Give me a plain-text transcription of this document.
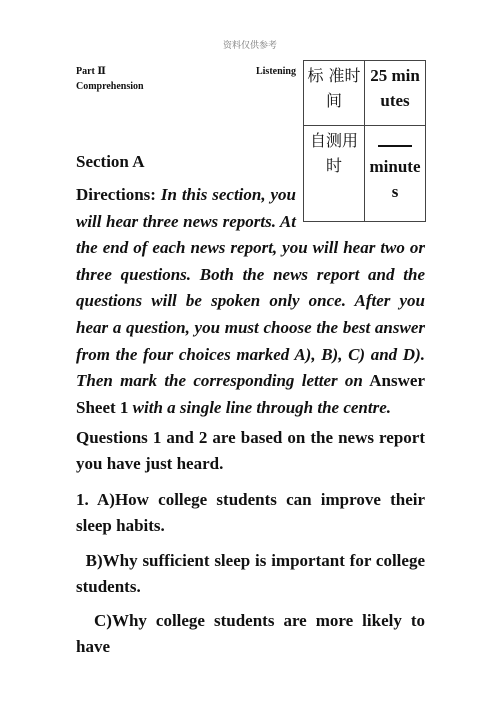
资料仅供参考
Part Ⅱ	Listening

Comprehension
标 准时间	25 minutes
自测用时	minutes
Section A
Directions: In this section, you
will hear three news reports. At
the end of each news report, you will hear two or three questions. Both the news report and the questions will be spoken only once. After you hear a question, you must choose the best answer from the four choices marked A), B), C) and D). Then mark the corresponding letter on Answer Sheet 1 with a single line through the centre.
Questions 1 and 2 are based on the news report you have just heard.
1. A)How college students can improve their sleep habits.
B)Why sufficient sleep is important for college students.
C)Why college students are more likely to have
